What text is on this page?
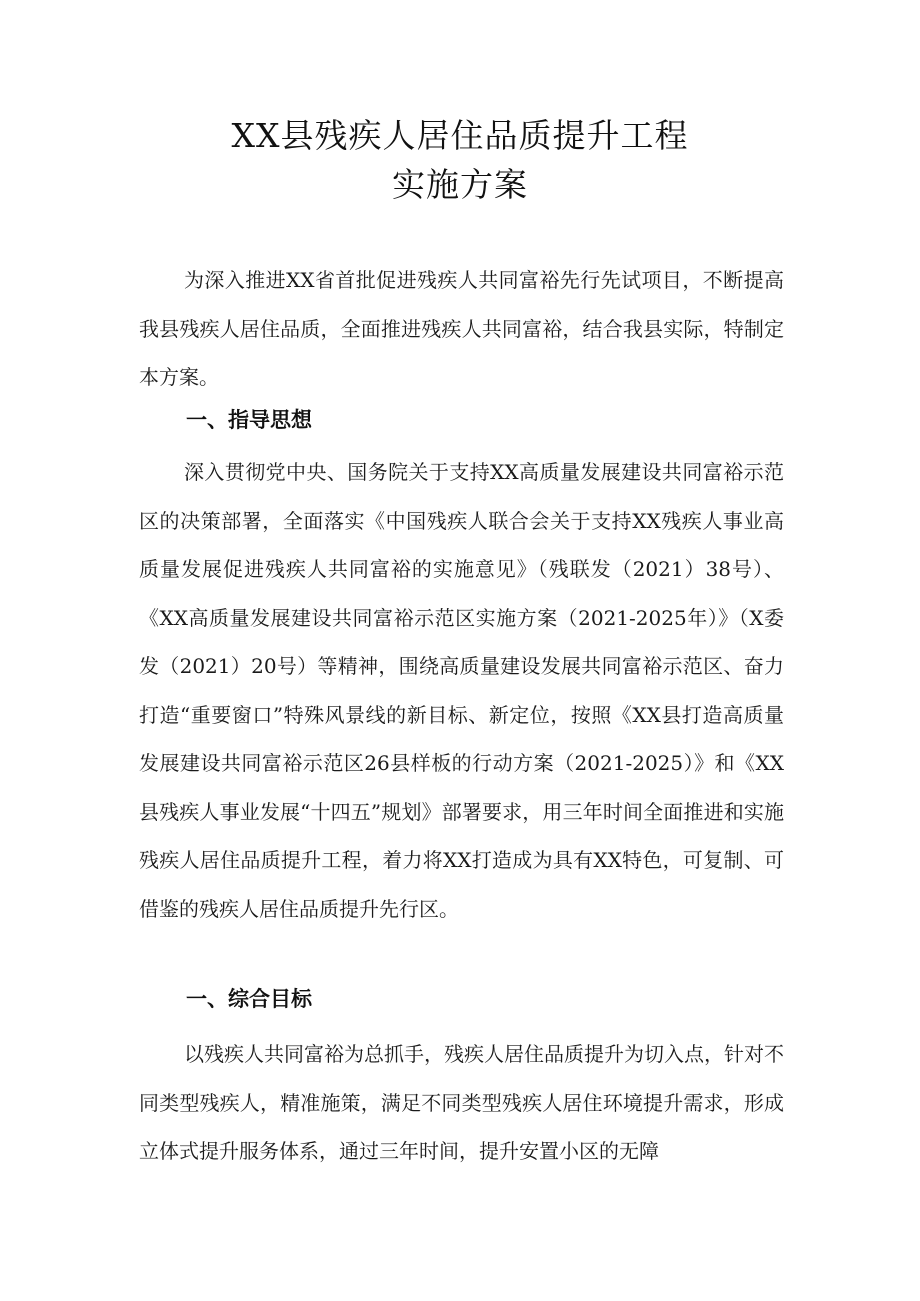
XX县残疾人居住品质提升工程
实施方案

为深入推进XX省首批促进残疾人共同富裕先行先试项目，不断提高我县残疾人居住品质，全面推进残疾人共同富裕，结合我县实际，特制定本方案。

一、指导思想

深入贯彻党中央、国务院关于支持XX高质量发展建设共同富裕示范区的决策部署，全面落实《中国残疾人联合会关于支持XX残疾人事业高质量发展促进残疾人共同富裕的实施意见》（残联发（2021）38号）、《XX高质量发展建设共同富裕示范区实施方案（2021-2025年）》（X委发（2021）20号）等精神，围绕高质量建设发展共同富裕示范区、奋力打造“重要窗口”特殊风景线的新目标、新定位，按照《XX县打造高质量发展建设共同富裕示范区26县样板的行动方案（2021-2025）》和《XX县残疾人事业发展“十四五”规划》部署要求，用三年时间全面推进和实施残疾人居住品质提升工程，着力将XX打造成为具有XX特色，可复制、可借鉴的残疾人居住品质提升先行区。

一、综合目标

以残疾人共同富裕为总抓手，残疾人居住品质提升为切入点，针对不同类型残疾人，精准施策，满足不同类型残疾人居住环境提升需求，形成立体式提升服务体系，通过三年时间，提升安置小区的无障
